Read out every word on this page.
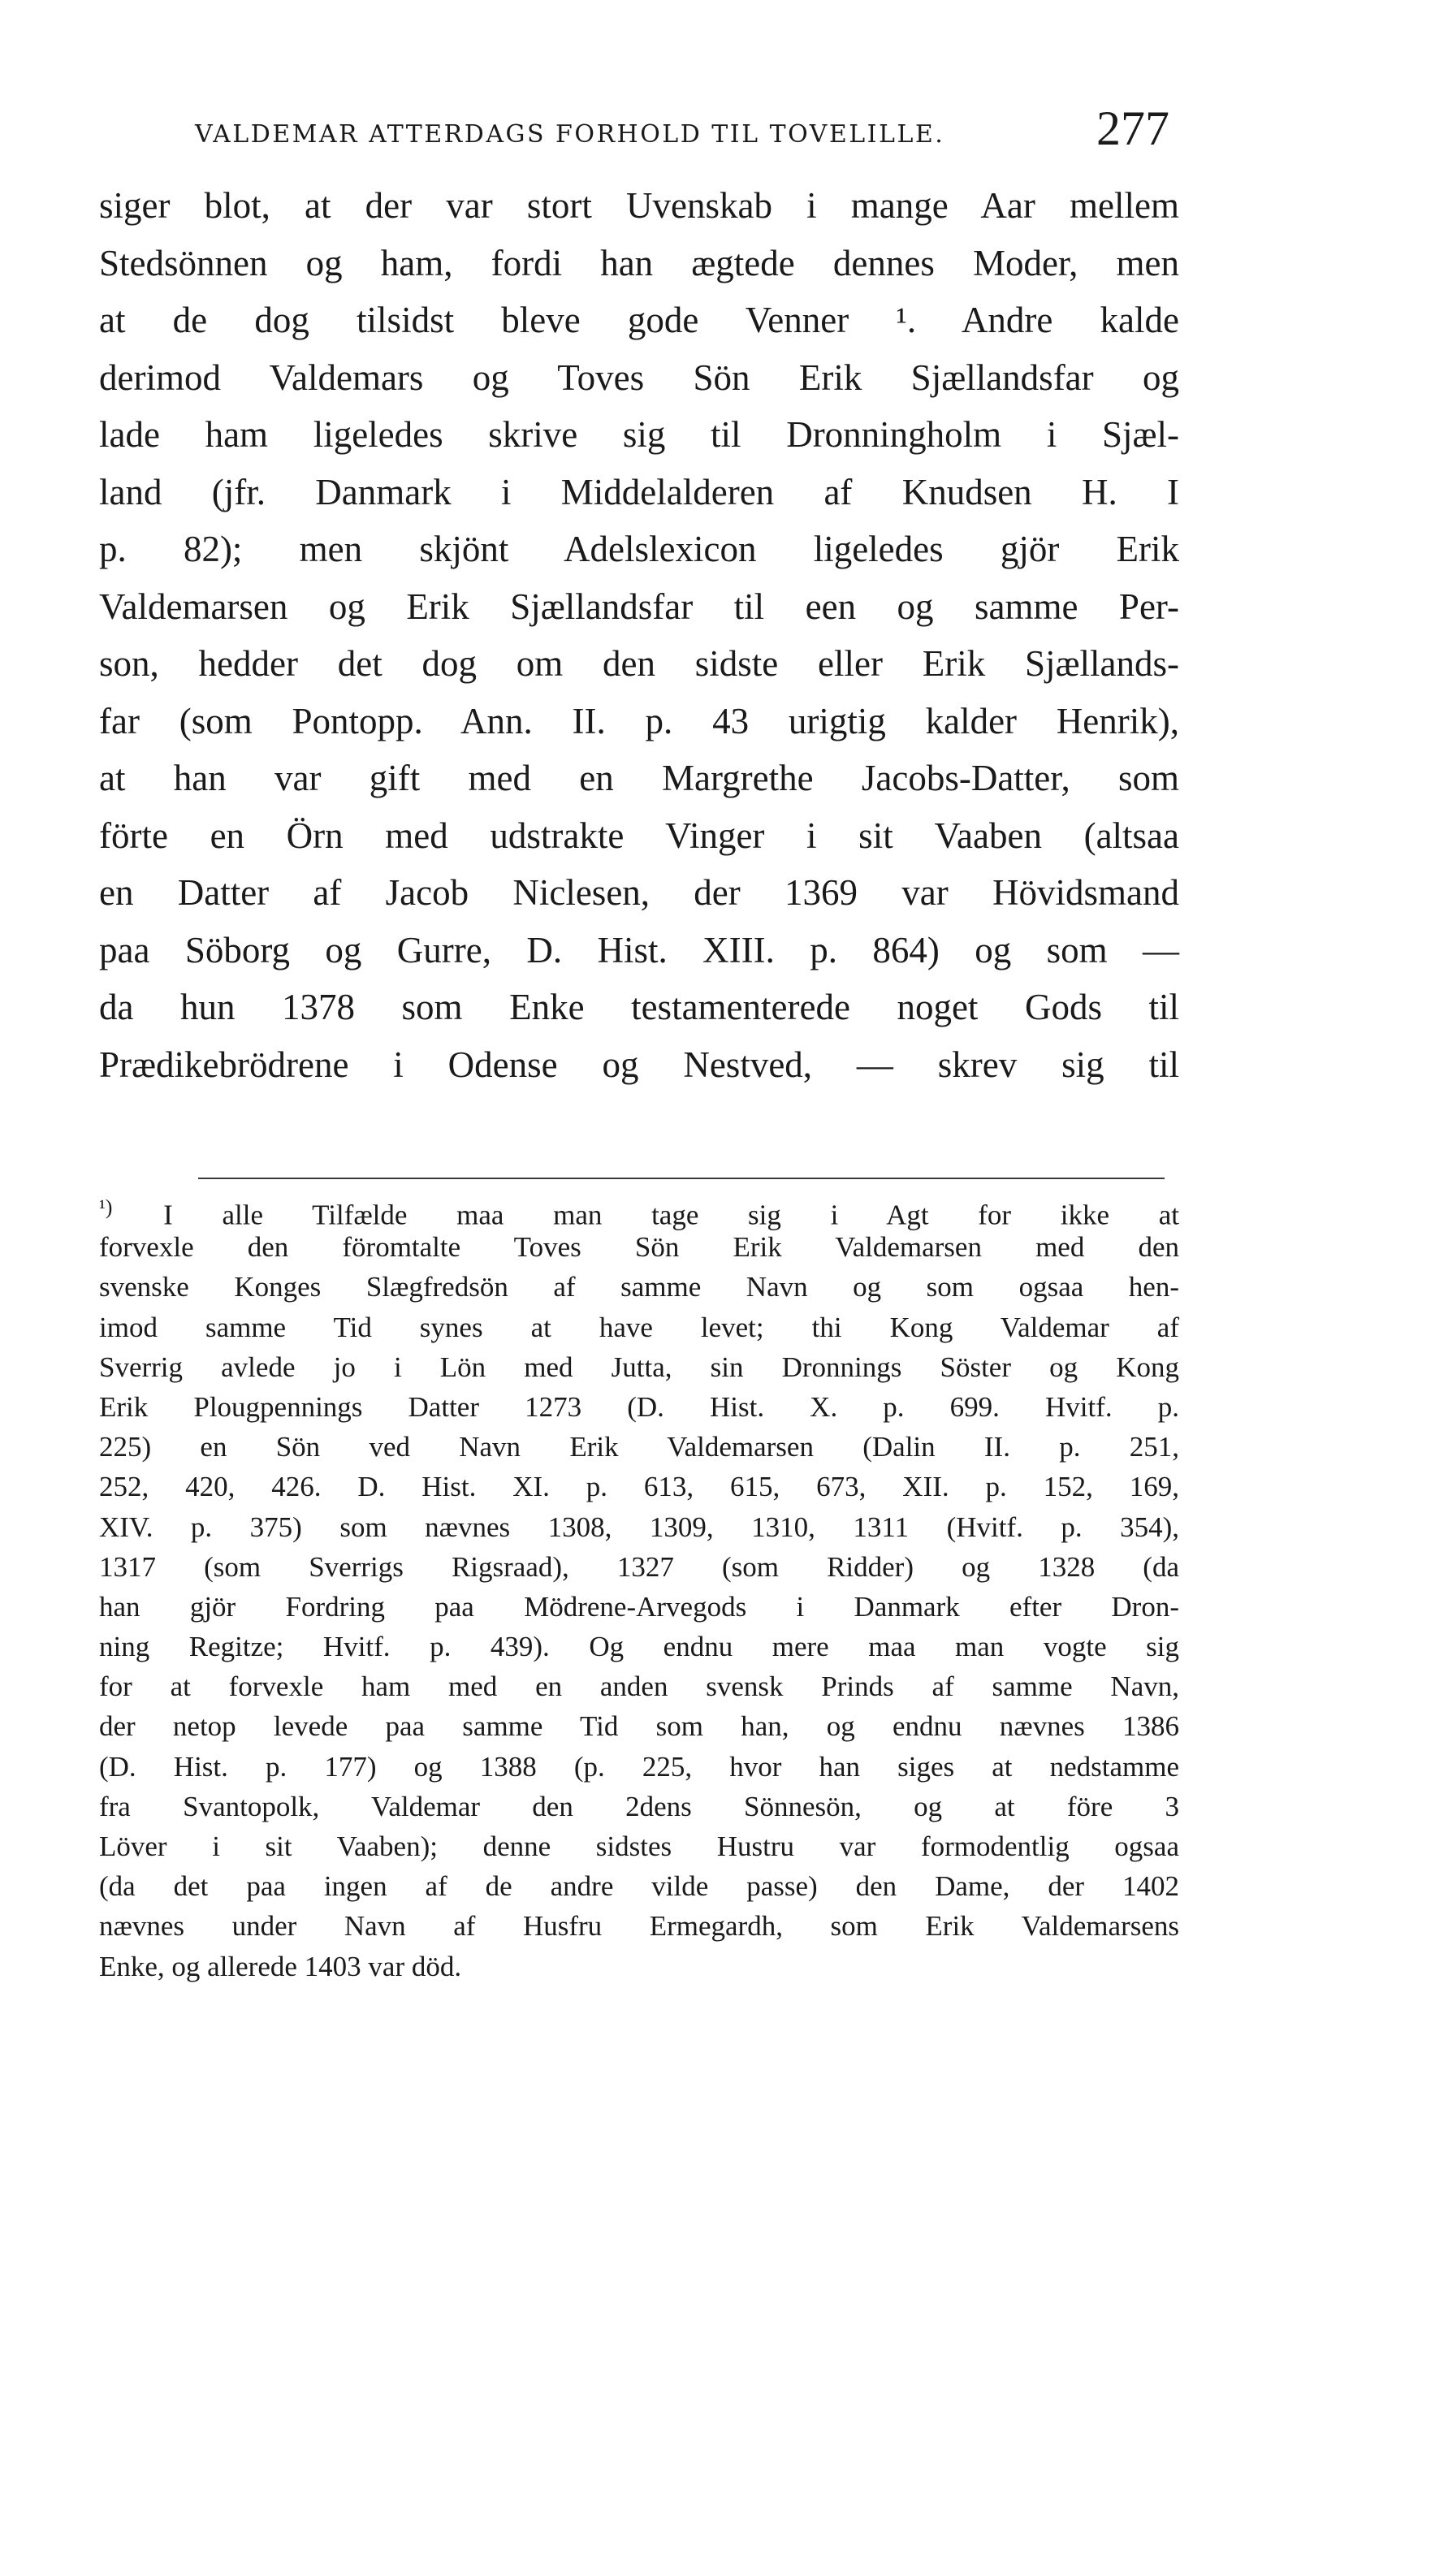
VALDEMAR ATTERDAGS FORHOLD TIL TOVELILLE.	277
siger blot, at der var stort Uvenskab i mange Aar mellem
Stedsönnen og ham, fordi han ægtede dennes Moder, men
at de dog tilsidst bleve gode Venner ¹. Andre kalde
derimod Valdemars og Toves Sön Erik Sjællandsfar og
lade ham ligeledes skrive sig til Dronningholm i Sjæl-
land (jfr. Danmark i Middelalderen af Knudsen H. I
p. 82); men skjönt Adelslexicon ligeledes gjör Erik
Valdemarsen og Erik Sjællandsfar til een og samme Per-
son, hedder det dog om den sidste eller Erik Sjællands-
far (som Pontopp. Ann. II. p. 43 urigtig kalder Henrik),
at han var gift med en Margrethe Jacobs-Datter, som
förte en Örn med udstrakte Vinger i sit Vaaben (altsaa
en Datter af Jacob Niclesen, der 1369 var Hövidsmand
paa Söborg og Gurre, D. Hist. XIII. p. 864) og som —
da hun 1378 som Enke testamenterede noget Gods til
Prædikebrödrene i Odense og Nestved, — skrev sig til
¹) I alle Tilfælde maa man tage sig i Agt for ikke at
forvexle den föromtalte Toves Sön Erik Valdemarsen med den
svenske Konges Slægfredsön af samme Navn og som ogsaa hen-
imod samme Tid synes at have levet; thi Kong Valdemar af
Sverrig avlede jo i Lön med Jutta, sin Dronnings Söster og Kong
Erik Plougpennings Datter 1273 (D. Hist. X. p. 699. Hvitf. p.
225) en Sön ved Navn Erik Valdemarsen (Dalin II. p. 251,
252, 420, 426. D. Hist. XI. p. 613, 615, 673, XII. p. 152, 169,
XIV. p. 375) som nævnes 1308, 1309, 1310, 1311 (Hvitf. p. 354),
1317 (som Sverrigs Rigsraad), 1327 (som Ridder) og 1328 (da
han gjör Fordring paa Mödrene-Arvegods i Danmark efter Dron-
ning Regitze; Hvitf. p. 439). Og endnu mere maa man vogte sig
for at forvexle ham med en anden svensk Prinds af samme Navn,
der netop levede paa samme Tid som han, og endnu nævnes 1386
(D. Hist. p. 177) og 1388 (p. 225, hvor han siges at nedstamme
fra Svantopolk, Valdemar den 2dens Sönnesön, og at före 3
Löver i sit Vaaben); denne sidstes Hustru var formodentlig ogsaa
(da det paa ingen af de andre vilde passe) den Dame, der 1402
nævnes under Navn af Husfru Ermegardh, som Erik Valdemarsens
Enke, og allerede 1403 var död.
